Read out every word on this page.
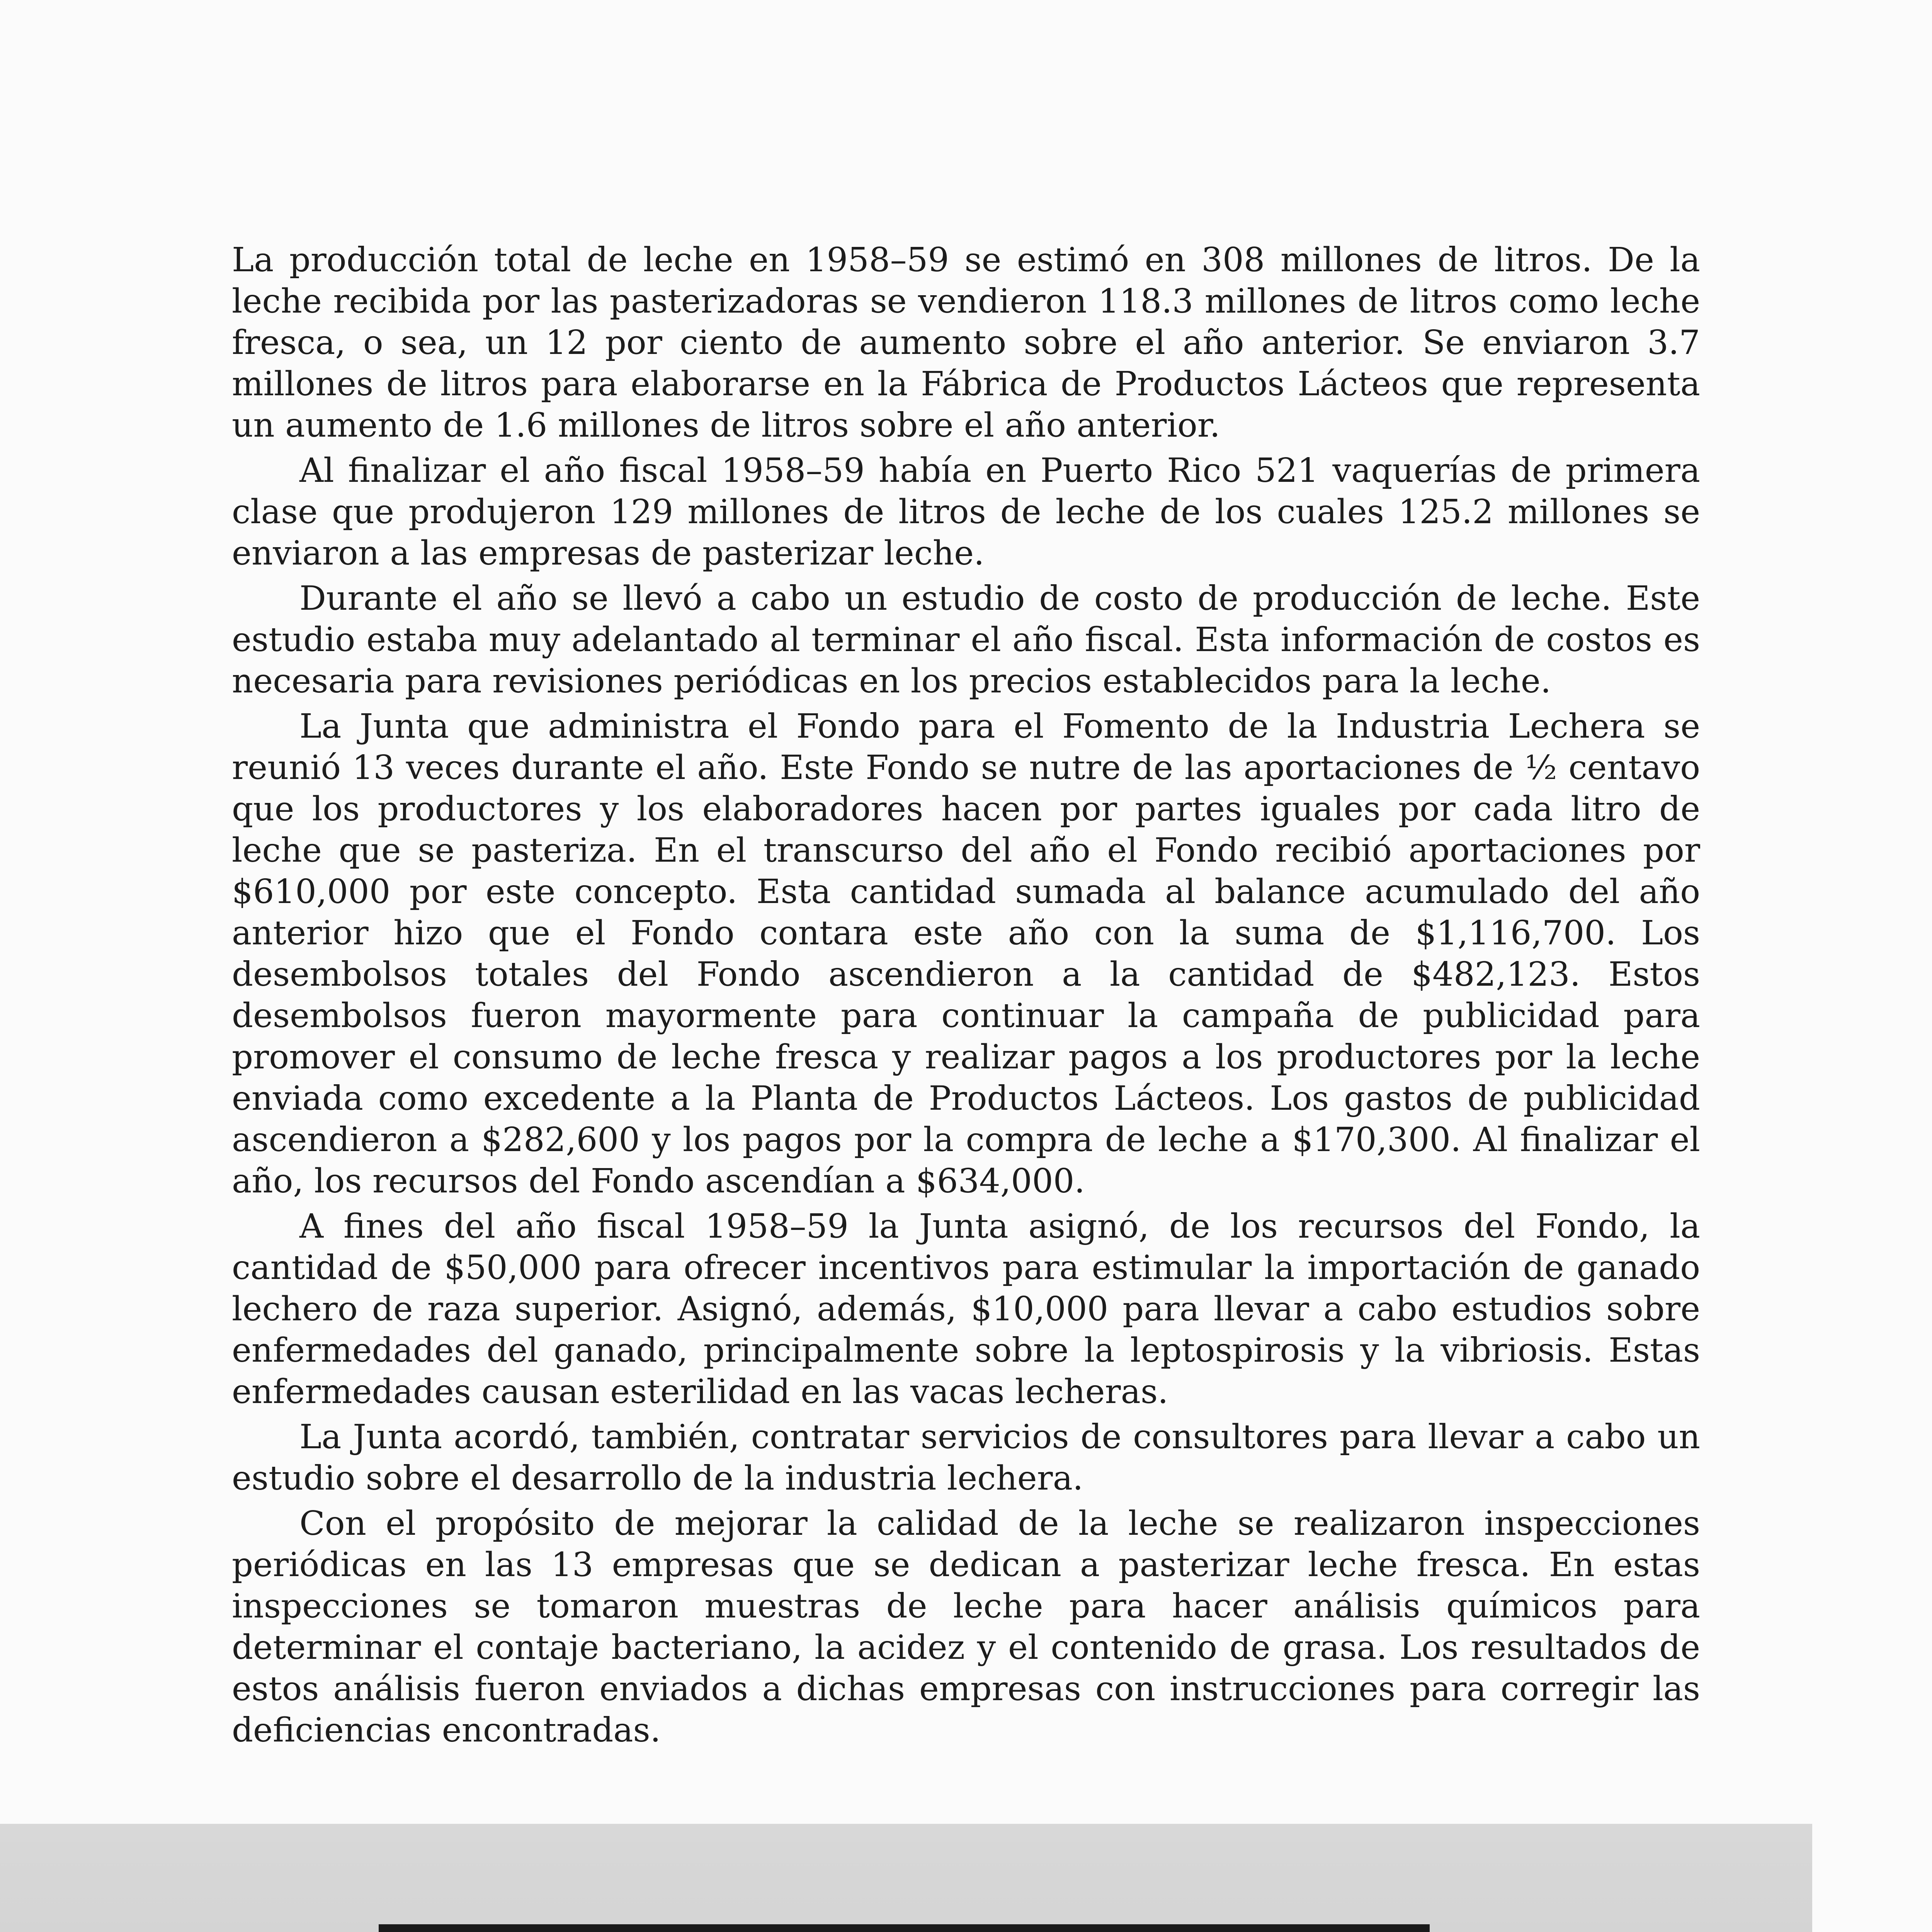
La producción total de leche en 1958–59 se estimó en 308 millones de litros. De la leche recibida por las pasterizadoras se vendieron 118.3 millones de litros como leche fresca, o sea, un 12 por ciento de aumento sobre el año anterior. Se enviaron 3.7 millones de litros para elaborarse en la Fábrica de Productos Lácteos que representa un aumento de 1.6 millones de litros sobre el año anterior.

Al finalizar el año fiscal 1958–59 había en Puerto Rico 521 vaquerías de primera clase que produjeron 129 millones de litros de leche de los cuales 125.2 millones se enviaron a las empresas de pasterizar leche.

Durante el año se llevó a cabo un estudio de costo de producción de leche. Este estudio estaba muy adelantado al terminar el año fiscal. Esta información de costos es necesaria para revisiones periódicas en los precios establecidos para la leche.

La Junta que administra el Fondo para el Fomento de la Industria Lechera se reunió 13 veces durante el año. Este Fondo se nutre de las aportaciones de ½ centavo que los productores y los elaboradores hacen por partes iguales por cada litro de leche que se pasteriza. En el transcurso del año el Fondo recibió aportaciones por $610,000 por este concepto. Esta cantidad sumada al balance acumulado del año anterior hizo que el Fondo contara este año con la suma de $1,116,700. Los desembolsos totales del Fondo ascendieron a la cantidad de $482,123. Estos desembolsos fueron mayormente para continuar la campaña de publicidad para promover el consumo de leche fresca y realizar pagos a los productores por la leche enviada como excedente a la Planta de Productos Lácteos. Los gastos de publicidad ascendieron a $282,600 y los pagos por la compra de leche a $170,300. Al finalizar el año, los recursos del Fondo ascendían a $634,000.

A fines del año fiscal 1958–59 la Junta asignó, de los recursos del Fondo, la cantidad de $50,000 para ofrecer incentivos para estimular la importación de ganado lechero de raza superior. Asignó, además, $10,000 para llevar a cabo estudios sobre enfermedades del ganado, principalmente sobre la leptospirosis y la vibriosis. Estas enfermedades causan esterilidad en las vacas lecheras.

La Junta acordó, también, contratar servicios de consultores para llevar a cabo un estudio sobre el desarrollo de la industria lechera.

Con el propósito de mejorar la calidad de la leche se realizaron inspecciones periódicas en las 13 empresas que se dedican a pasterizar leche fresca. En estas inspecciones se tomaron muestras de leche para hacer análisis químicos para determinar el contaje bacteriano, la acidez y el contenido de grasa. Los resultados de estos análisis fueron enviados a dichas empresas con instrucciones para corregir las deficiencias encontradas.
